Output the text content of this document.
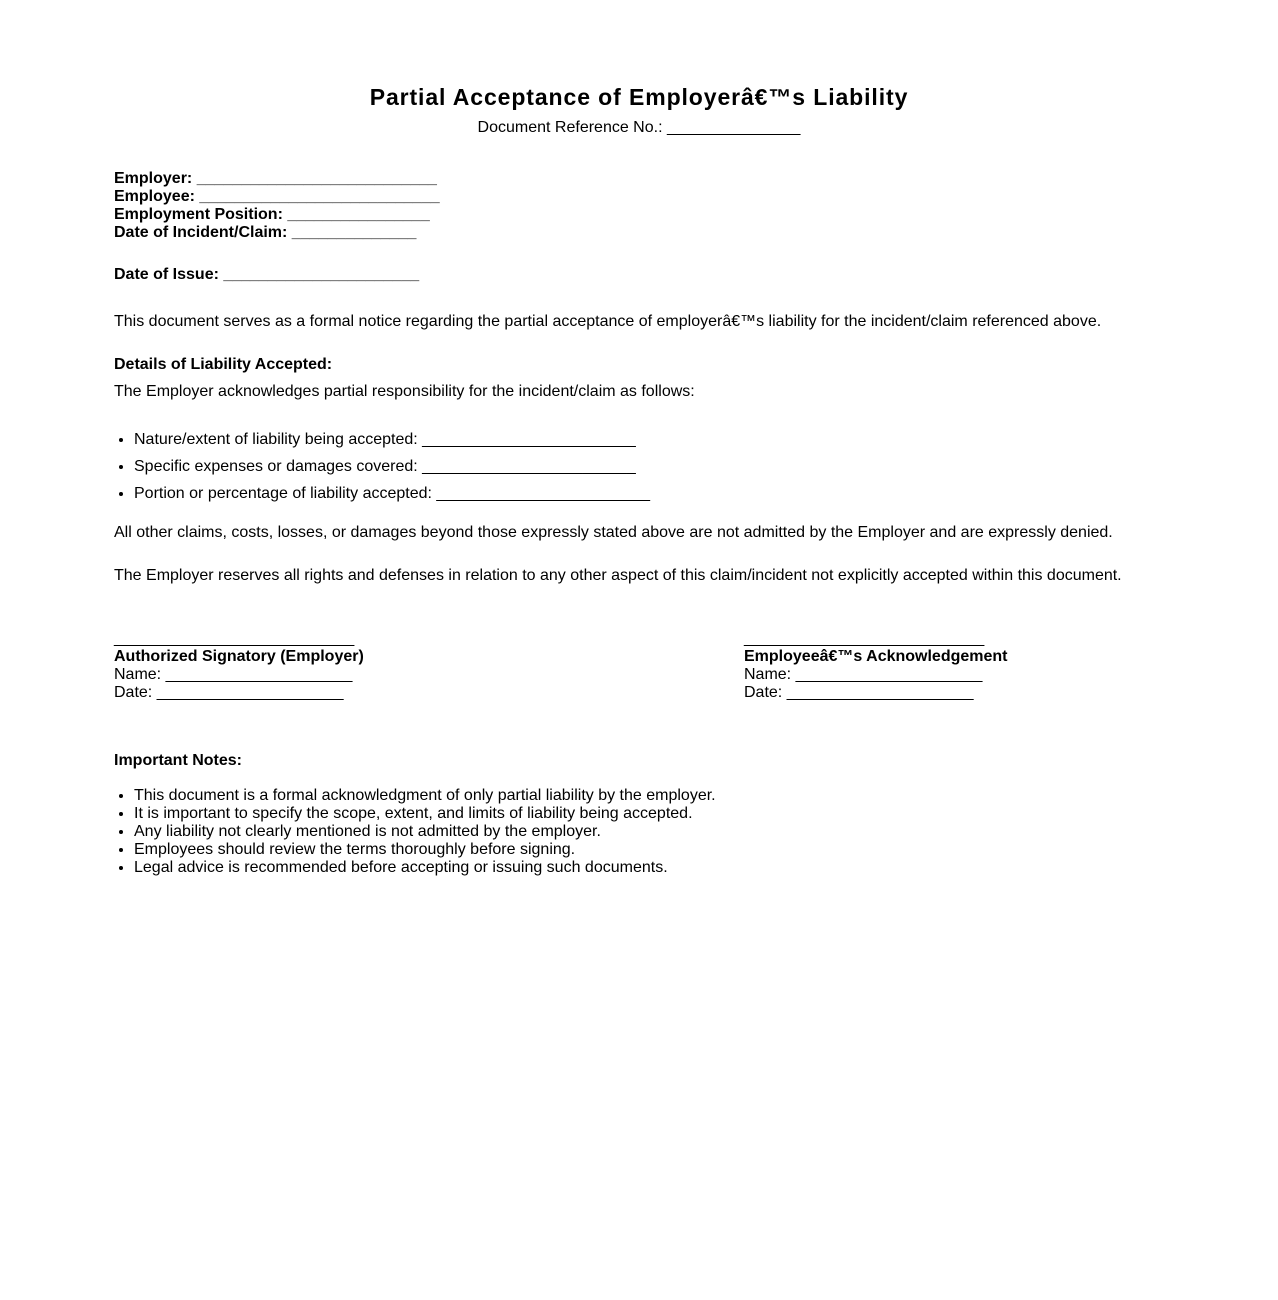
Partial Acceptance of Employerâ€™s Liability
Document Reference No.: _______________
Employer: ___________________________
Employee: ___________________________
Employment Position: ________________
Date of Incident/Claim: ______________
Date of Issue: ______________________
This document serves as a formal notice regarding the partial acceptance of employerâ€™s liability for the incident/claim referenced above.
Details of Liability Accepted:
The Employer acknowledges partial responsibility for the incident/claim as follows:
• Nature/extent of liability being accepted: ________________________
• Specific expenses or damages covered: ________________________
• Portion or percentage of liability accepted: ________________________
All other claims, costs, losses, or damages beyond those expressly stated above are not admitted by the Employer and are expressly denied.
The Employer reserves all rights and defenses in relation to any other aspect of this claim/incident not explicitly accepted within this document.
___________________________
Authorized Signatory (Employer)
Name: _____________________
Date: _____________________
___________________________
Employeeâ€™s Acknowledgement
Name: _____________________
Date: _____________________
Important Notes:
• This document is a formal acknowledgment of only partial liability by the employer.
• It is important to specify the scope, extent, and limits of liability being accepted.
• Any liability not clearly mentioned is not admitted by the employer.
• Employees should review the terms thoroughly before signing.
• Legal advice is recommended before accepting or issuing such documents.
